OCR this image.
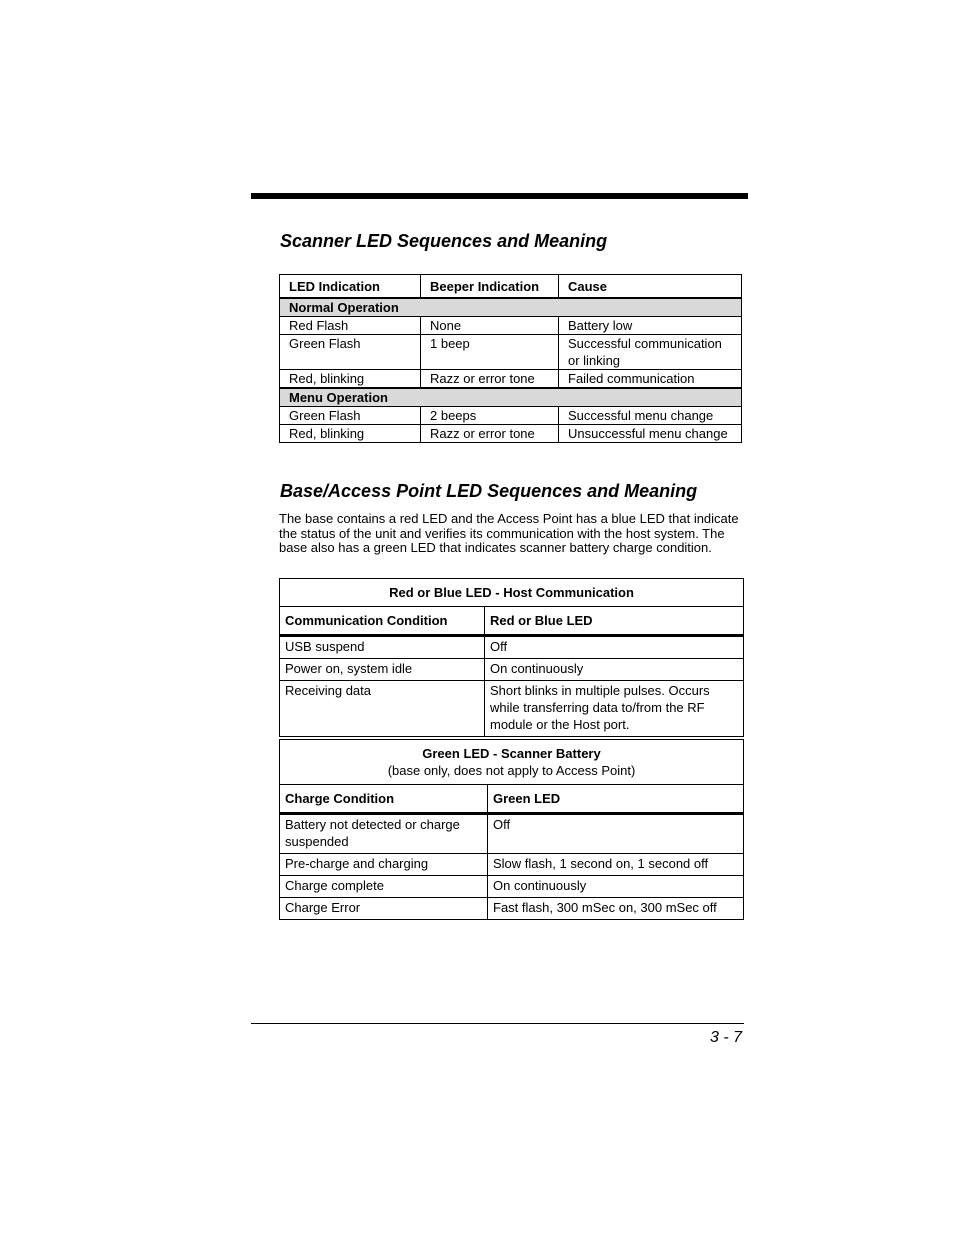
Scanner LED Sequences and Meaning
LED Indication	Beeper Indication	Cause
Normal Operation		
Red Flash	None	Battery low
Green Flash	1 beep	Successful communication or linking
Red, blinking	Razz or error tone	Failed communication
Menu Operation		
Green Flash	2 beeps	Successful menu change
Red, blinking	Razz or error tone	Unsuccessful menu change
Base/Access Point LED Sequences and Meaning

The base contains a red LED and the Access Point has a blue LED that indicate the status of the unit and verifies its communication with the host system. The base also has a green LED that indicates scanner battery charge condition.

Red or Blue LED - Host Communication	
Communication Condition	Red or Blue LED
USB suspend	Off
Power on, system idle	On continuously
Receiving data	Short blinks in multiple pulses. Occurs while transferring data to/from the RF module or the Host port.
Green LED - Scanner Battery
(base only, does not apply to Access Point)	
Charge Condition	Green LED
Battery not detected or charge suspended	Off
Pre-charge and charging	Slow flash, 1 second on, 1 second off
Charge complete	On continuously
Charge Error	Fast flash, 300 mSec on, 300 mSec off
3 - 7
